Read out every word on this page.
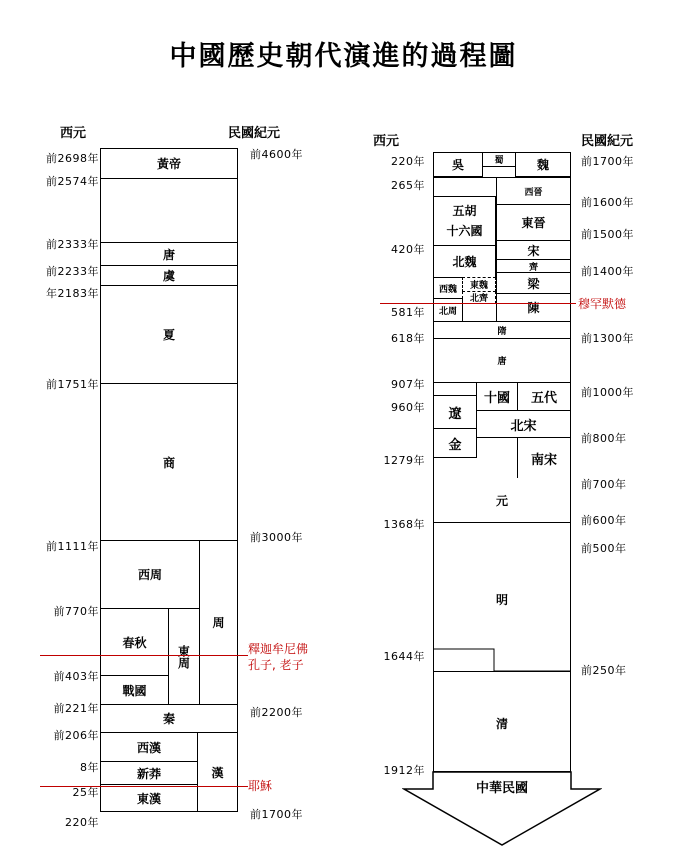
中國歷史朝代演進的過程圖
西元	民國紀元
西元	民國紀元
黃帝
唐
虞
夏
商
西周
周
春秋
東周
戰國
秦
西漢
新莽
東漢
漢
前2698年
前2574年
前2333年
前2233年
年2183年
前1751年
前1111年
前770年
前403年
前221年
前206年
8年
25年
220年
前4600年
前3000年
前2200年
前1700年
釋迦牟尼佛
孔子, 老子
耶穌
吳	蜀	魏
西晉
五胡
十六國
東晉
宋
齊
梁
陳
北魏
西魏	東魏
北齊
北周
隋
唐
十國	五代
遼
北宋
金
南宋
元
明
清
中華民國
220年
265年
420年
581年
618年
907年
960年
1279年
1368年
1644年
1912年
前1700年
前1600年
前1500年
前1400年
前1300年
前1000年
前800年
前700年
前600年
前500年
前250年
穆罕默德
